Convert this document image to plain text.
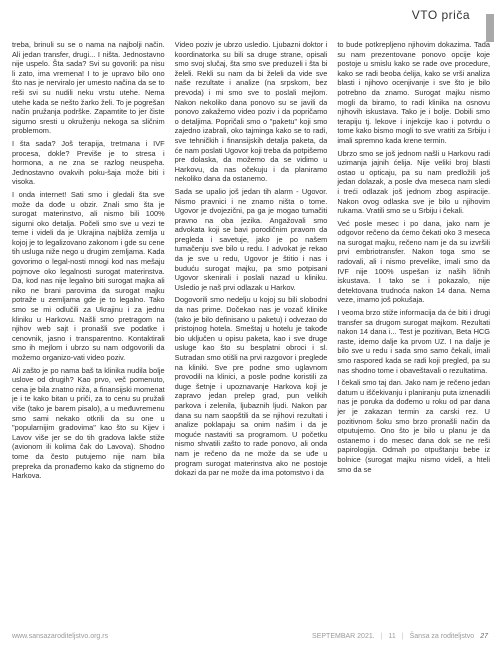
VTO priča

treba, brinuli su se o nama na najbolji način. Ali jedan transfer, drugi... I ništa. Jednostavno nije uspelo. Šta sada? Svi su govorili: pa nisu li zato, ima vremena! I to je upravo bilo ono što nas je nerviralo jer umesto načina da se to reši svi su nudili neku vrstu utehe. Nema utehe kada se nešto žarko želi. To je pogrešan način pružanja podrške. Zapamtite to jer čiste sigurno sresti u okruženju nekoga sa sličnim problemom.

I šta sada? Još terapija, tretmana i IVF procesa, dokle? Previše je to stresa i hormona, a ne zna se razlog neuspeha. Jednostavno ovakvih poku-šaja može biti i visoka.

I onda internet! Sati smo i gledali šta sve može da dođe u obzir. Znali smo šta je surogat materinstvo, ali nismo bili 100% sigurni oko detalja. Počeli smo sve u vezi te teme i videli da je Ukrajina najbliža zemlja u kojoj je to legalizovano zakonom i gde su cene tih usluga niže nego u drugim zemljama. Kada govorimo o legal-nosti mnogi kod nas mešaju pojmove oko legalnosti surogat materinstva. Da, kod nas nije legalno biti surogat majka ali niko ne brani parovima da surogat majku potraže u zemljama gde je to legalno. Tako smo se mi odlučili za Ukrajinu i za jednu kliniku u Harkovu. Našli smo pretragom na njihov web sajt i pronašli sve podatke i cenovnik, jasno i transparentno. Kontaktirali smo ih mejlom i ubrzo su nam odgovorili da možemo organizo-vati video poziv.

Ali zašto je po nama baš ta klinika nudila bolje uslove od drugih? Kao prvo, več pomenuto, cena je bila znatno niža, a finansijski momenat je i te kako bitan u priči, za to cenu su pružali više (tako je barem pisalo), a u međuvremenu smo sami nekako otkrili da su one u "popularnijim gradovima" kao što su Kijev i Lavov više jer se do tih gradova lakše stiže (avionom ili kolima čak do Lavova). Shodno tome da često putujemo nije nam bila prepreka da pronađemo kako da stignemo do Harkova.

Video poziv je ubrzo usledio. Ljubazni doktor i koordinatorka su bili sa druge strane, opisali smo svoj slučaj, šta smo sve preduzeli i šta bi želeli. Rekli su nam da bi želeli da vide sve naše rezultate i analize (na srpskom, bez prevoda) i mi smo sve to poslali mejlom. Nakon nekoliko dana ponovo su se javili da ponovo zakažemo video poziv i da popričamo o detaljima. Popričali smo o "paketu" koji smo zajedno izabrali, oko tajminga kako se to radi, sve tehničkih i finansijskih detalja paketa, da će nam poslati Ugovor koji treba da potpišemo pre dolaska, da možemo da se vidimo u Harkovu, da nas očekuju i da planiramo nekoliko dana da ostanemo.

Sada se upalio još jedan tih alarm - Ugovor. Nismo pravnici i ne znamo ništa o tome. Ugovor je dvojezični, pa ga je mogao tumačiti pravno na oba jezika. Angažovali smo advokata koji se bavi porodičnim pravom da pregleda i savetuje, jako je po našem tumačenju sve bilo u redu. I advokat je rekao da je sve u redu, Ugovor je štitio i nas i buduću surogat majku, pa smo potpisani Ugovor skenirali i poslali nazad u kliniku. Usledio je naš prvi odlazak u Harkov.

Dogovorili smo nedelju u kojoj su bili slobodni da nas prime. Dočekao nas je vozač klinike (tako je bilo definisano u paketu) i odvezao do pristojnog hotela. Smeštaj u hotelu je takođe bio uključen u opisu paketa, kao i sve druge usluge kao što su besplatni obroci i sl. Sutradan smo otišli na prvi razgovor i preglede na kliniki. Sve pre podne smo uglavnom provodili na klinici, a posle podne koristili za duge šetnje i upoznavanje Harkova koji je zapravo jedan prelep grad, pun velikih parkova i zelenila, ljubaznih ljudi. Nakon par dana su nam saopštili da se njihovi rezultati i analize poklapaju sa onim našim i da je moguće nastaviti sa programom. U početku nismo shvatili zašto to rade ponovo, ali onda nam je rečeno da ne može da se uđe u program surogat materinstva ako ne postoje dokazi da par ne može da ima potomstvo i da

to bude potkrepljeno njihovim dokazima. Tada su nam prezentovane ponovo opcije koje postoje u smislu kako se rade ove procedure, kako se radi beoba ćelija, kako se vrši analiza blasti i njihovo ocenjivanje i sve što je bilo potrebno da znamo. Surogat majku nismo mogli da biramo, to radi klinika na osnovu njihovih iskustava. Tako je i bolje. Dobili smo terapiju tj. lekove i injekcije kao i potvrdu o tome kako bismo mogli to sve vratiti za Srbiju i imali spremno kada krene termin.

Ubrzo smo se još jednom našli u Harkovu radi uzimanja jajnih ćelija. Nije veliki broj blasti ostao u opticaju, pa su nam predložili još jedan dolazak, a posle dva meseca nam sledi i treći odlazak još jednom zbog aspiracije. Nakon ovog odlaska sve je bilo u njihovim rukama. Vratili smo se u Srbiju i čekali.

Već posle mesec i po dana, jako nam je odgovor rečeno da ćemo čekati oko 3 meseca na surogat majku, rečeno nam je da su izvršili prvi embriotransfer. Nakon toga smo se radovali, ali i nismo prevelike, imali smo da IVF nije 100% uspešan iz naših ličnih iskustava. I tako se i pokazalo, nije detektovana trudnoća nakon 14 dana. Nema veze, imamo još pokušaja.

I veoma brzo stiže informacija da će biti i drugi transfer sa drugom surogat majkom. Rezultati nakon 14 dana i... Test je pozitivan, Beta HCG raste, idemo dalje ka prvom UZ. I na dalje je bilo sve u redu i sada smo samo čekali, imali smo raspored kada se radi koji pregled, pa su nas shodno tome i obaveštavali o rezultatima.

I čekali smo taj dan. Jako nam je rečeno jedan datum u iščekivanju i planiranju puta iznenadili nas je poruka da dođemo u roku od par dana jer je zakazan termin za carski rez. U pozitivnom šoku smo brzo pronašli način da otputujemo. Ono što je bilo u planu je da ostanemo i do mesec dana dok se ne reši papirologija. Odmah po otpuštanju bebe iz bolnice (surogat majku nismo videli, a hteli smo da se

www.sansazaroditeljstvo.org.rs	SEPTEMBAR 2021. | 11 | Šansa za roditeljstvo 27
